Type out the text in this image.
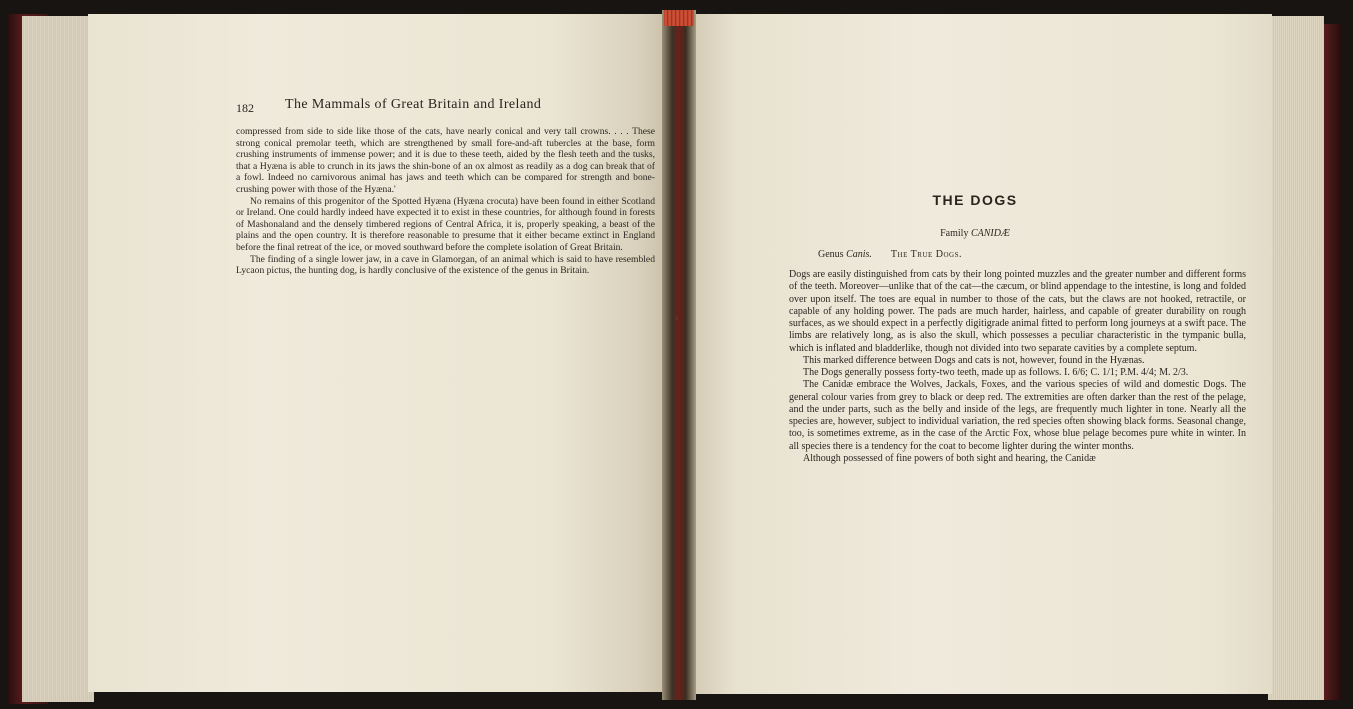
182 The Mammals of Great Britain and Ireland

compressed from side to side like those of the cats, have nearly conical and very tall crowns. . . . These strong conical premolar teeth, which are strengthened by small fore-and-aft tubercles at the base, form crushing instruments of immense power; and it is due to these teeth, aided by the flesh teeth and the tusks, that a Hyæna is able to crunch in its jaws the shin-bone of an ox almost as readily as a dog can break that of a fowl. Indeed no carnivorous animal has jaws and teeth which can be compared for strength and bone-crushing power with those of the Hyæna.'

No remains of this progenitor of the Spotted Hyæna (Hyæna crocuta) have been found in either Scotland or Ireland. One could hardly indeed have expected it to exist in these countries, for although found in forests of Mashonaland and the densely timbered regions of Central Africa, it is, properly speaking, a beast of the plains and the open country. It is therefore reasonable to presume that it either became extinct in England before the final retreat of the ice, or moved southward before the complete isolation of Great Britain.

The finding of a single lower jaw, in a cave in Glamorgan, of an animal which is said to have resembled Lycaon pictus, the hunting dog, is hardly conclusive of the existence of the genus in Britain.

THE DOGS
Family CANIDÆ
Genus Canis. The True Dogs.
/

Dogs are easily distinguished from cats by their long pointed muzzles and the greater number and different forms of the teeth. Moreover—unlike that of the cat—the cæcum, or blind appendage to the intestine, is long and folded over upon itself. The toes are equal in number to those of the cats, but the claws are not hooked, retractile, or capable of any holding power. The pads are much harder, hairless, and capable of greater durability on rough surfaces, as we should expect in a perfectly digitigrade animal fitted to perform long journeys at a swift pace. The limbs are relatively long, as is also the skull, which possesses a peculiar characteristic in the tympanic bulla, which is inflated and bladderlike, though not divided into two separate cavities by a complete septum.

This marked difference between Dogs and cats is not, however, found in the Hyænas.

The Dogs generally possess forty-two teeth, made up as follows. I. 6/6; C. 1/1; P.M. 4/4; M. 2/3.

The Canidæ embrace the Wolves, Jackals, Foxes, and the various species of wild and domestic Dogs. The general colour varies from grey to black or deep red. The extremities are often darker than the rest of the pelage, and the under parts, such as the belly and inside of the legs, are frequently much lighter in tone. Nearly all the species are, however, subject to individual variation, the red species often showing black forms. Seasonal change, too, is sometimes extreme, as in the case of the Arctic Fox, whose blue pelage becomes pure white in winter. In all species there is a tendency for the coat to become lighter during the winter months.

Although possessed of fine powers of both sight and hearing, the Canidæ
